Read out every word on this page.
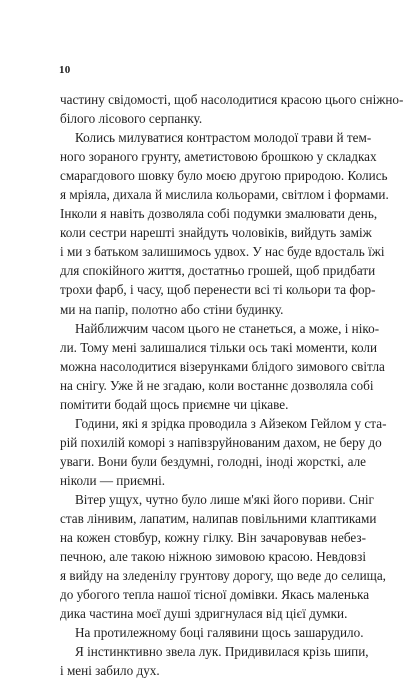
10
частину свідомості, щоб насолодитися красою цього сніжно-
білого лісового серпанку.
Колись милуватися контрастом молодої трави й тем-
ного зораного грунту, аметистовою брошкою у складках
смарагдового шовку було моєю другою природою. Колись
я мріяла, дихала й мислила кольорами, світлом і формами.
Інколи я навіть дозволяла собі подумки змалювати день,
коли сестри нарешті знайдуть чоловіків, вийдуть заміж
і ми з батьком залишимось удвох. У нас буде вдосталь їжі
для спокійного життя, достатньо грошей, щоб придбати
трохи фарб, і часу, щоб перенести всі ті кольори та фор-
ми на папір, полотно або стіни будинку.
Найближчим часом цього не станеться, а може, і ніко-
ли. Тому мені залишалися тільки ось такі моменти, коли
можна насолодитися візерунками блідого зимового світла
на снігу. Уже й не згадаю, коли востаннє дозволяла собі
помітити бодай щось приємне чи цікаве.
Години, які я зрідка проводила з Айзеком Гейлом у ста-
рій похилій коморі з напівзруйнованим дахом, не беру до
уваги. Вони були бездумні, голодні, іноді жорсткі, але
ніколи — приємні.
Вітер ущух, чутно було лише м'які його пориви. Сніг
став лінивим, лапатим, налипав повільними клаптиками
на кожен стовбур, кожну гілку. Він зачаровував небез-
печною, але такою ніжною зимовою красою. Невдовзі
я вийду на зледенілу грунтову дорогу, що веде до селища,
до убогого тепла нашої тісної домівки. Якась маленька
дика частина моєї душі здригнулася від цієї думки.
На протилежному боці галявини щось зашарудило.
Я інстинктивно звела лук. Придивилася крізь шипи,
і мені забило дух.
